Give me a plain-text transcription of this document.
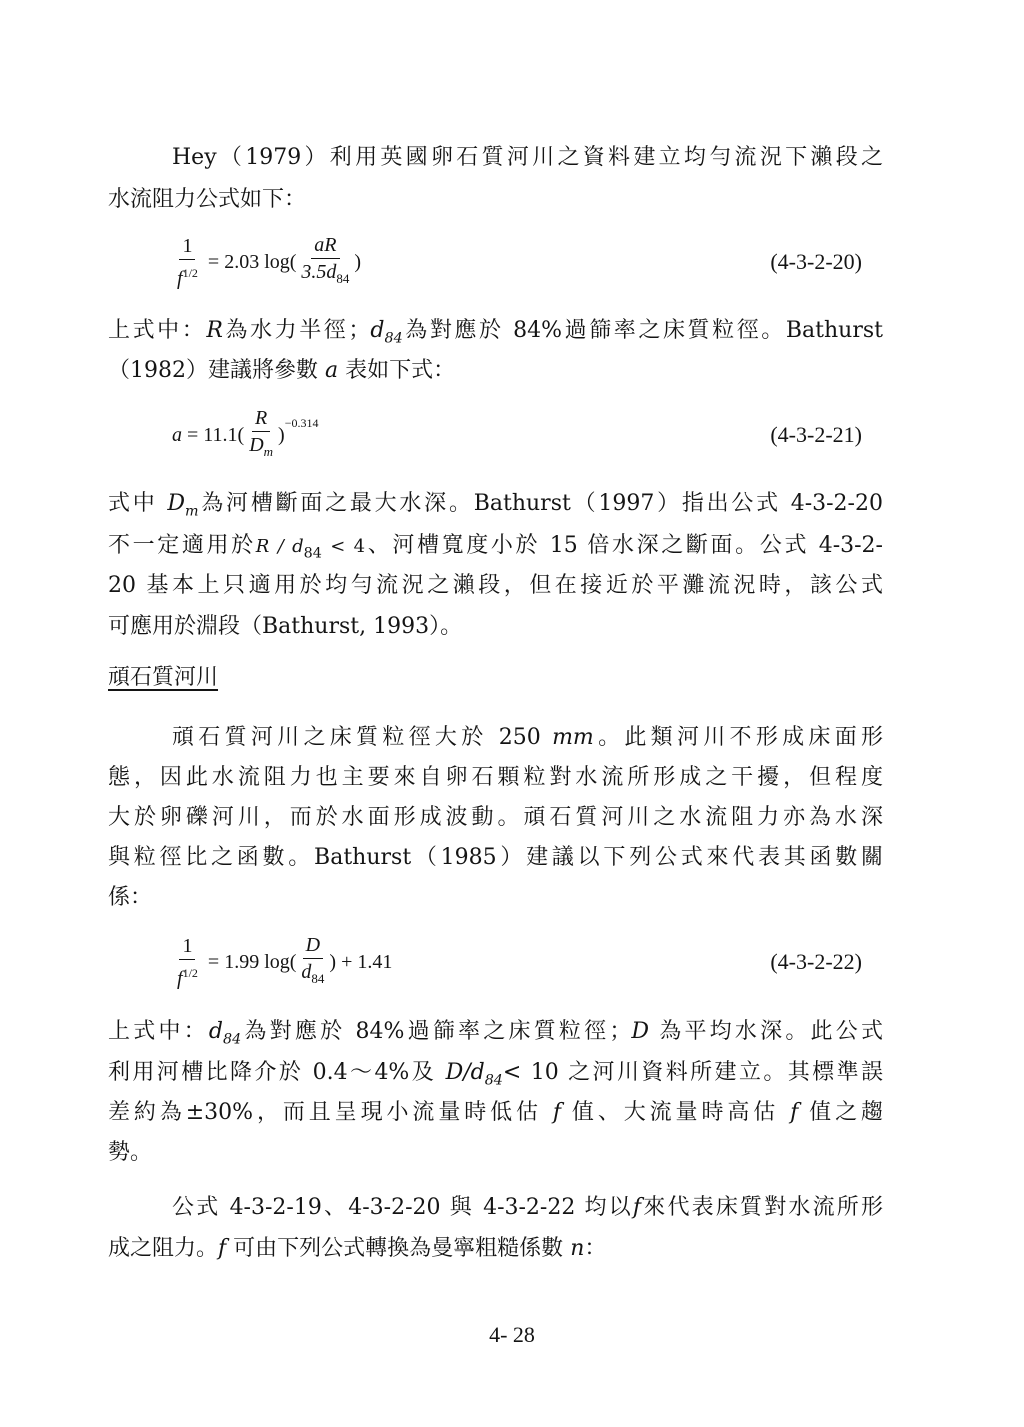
Hey（1979）利用英國卵石質河川之資料建立均勻流況下瀨段之
水流阻力公式如下：
$\frac{1}{f^{1/2}} = 2.03$ $\log( \frac{aR}{3.5d_{84}}$ )	(4-3-2-20)
上式中：R為水力半徑；$d_{84}$為對應於 84%過篩率之床質粒徑。Bathurst
（1982）建議將參數 a 表如下式：
$a = 11.1( \frac{R}{D_m}$ )
$^{-0.314}$	(4-3-2-21)
式中 $D_m$為河槽斷面之最大水深。Bathurst（1997）指出公式 4-3-2-20
不一定適用於$R / d_{84} < 4$、河槽寬度小於 15 倍水深之斷面。公式 4-3-2-
20 基本上只適用於均勻流況之瀨段，但在接近於平灘流況時，該公式
可應用於淵段（Bathurst, 1993）。
頑石質河川
頑石質河川之床質粒徑大於 250 mm。此類河川不形成床面形
態，因此水流阻力也主要來自卵石顆粒對水流所形成之干擾，但程度
大於卵礫河川，而於水面形成波動。頑石質河川之水流阻力亦為水深
與粒徑比之函數。Bathurst（1985）建議以下列公式來代表其函數關
係：
$\frac{1}{f^{1/2}} = 1.99$ $\log( \frac{D}{d_{84}}$ ) + 1.41	(4-3-2-22)
上式中：$d_{84}$為對應於 84%過篩率之床質粒徑；D 為平均水深。此公式
利用河槽比降介於 0.4～4%及 $D/d_{84}< 10$ 之河川資料所建立。其標準誤
差約為±30%，而且呈現小流量時低估 f 值、大流量時高估 f 值之趨
勢。
公式 4-3-2-19、4-3-2-20 與 4-3-2-22 均以f來代表床質對水流所形
成之阻力。f 可由下列公式轉換為曼寧粗糙係數 n：
4- 28
